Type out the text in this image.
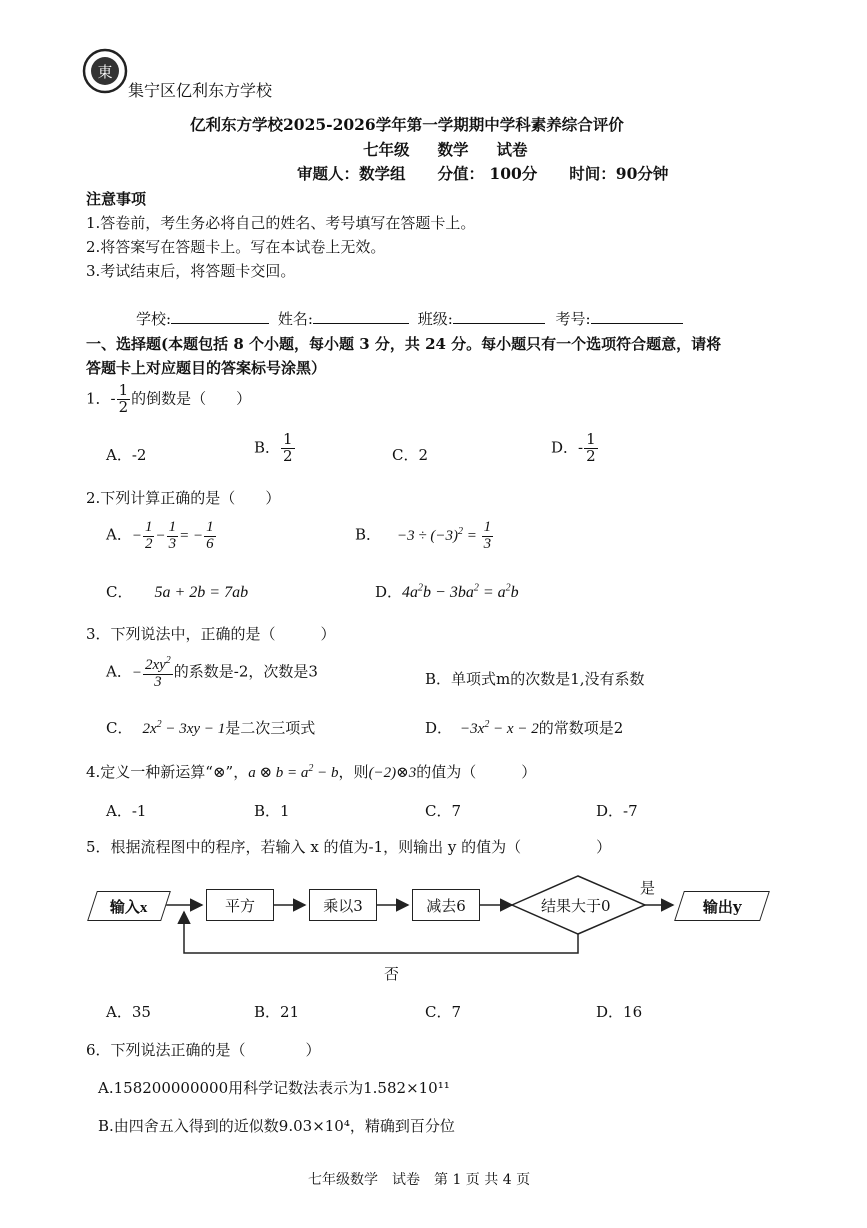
東
集宁区亿利东方学校
亿利东方学校2025-2026学年第一学期期中学科素养综合评价
七年级 数学 试卷
审题人：数学组 分值： 100分 时间：90分钟
注意事项
1.答卷前，考生务必将自己的姓名、考号填写在答题卡上。
2.将答案写在答题卡上。写在本试卷上无效。
3.考试结束后，将答题卡交回。
学校:	姓名:	班级:	考号:
一、选择题(本题包括 8 个小题，每小题 3 分，共 24 分。每小题只有一个选项符合题意，请将
答题卡上对应题目的答案标号涂黑）
1．- $\frac{1}{2}$ 的倒数是（　　）
A．-2	B． $\frac{1}{2}$	C．2	D．- $\frac{1}{2}$
2.下列计算正确的是（　　）
A．− $\frac{1}{2} - \frac{1}{3}$ = − $\frac{1}{6}$	B． $-3 \div (-3)^2 = \frac{1}{3}$
C． 5a + 2b = 7ab	D．$4a^2b - 3ba^2 = a^2b$
3．下列说法中，正确的是（　　　）
A．− $\frac{2xy^2}{3}$ 的系数是-2，次数是3	B．单项式m的次数是1,没有系数
C． $2x^2 - 3xy - 1$是二次三项式	D． $-3x^2 - x - 2$的常数项是2
4.定义一种新运算“⊗”，a ⊗ $b = a^2 - b$，则(−2)⊗3的值为（　　　）
A．-1	B．1	C．7	D．-7
5．根据流程图中的程序，若输入 x 的值为-1，则输出 y 的值为（　　　　　）
输入x	平方	乘以3	减去6	结果大于0
是
输出y
否
A．35	B．21	C．7	D．16
6．下列说法正确的是（　　　　）
A.158200000000用科学记数法表示为1.582×10¹¹
B.由四舍五入得到的近似数9.03×10⁴，精确到百分位
七年级数学　试卷　第 1 页 共 4 页
